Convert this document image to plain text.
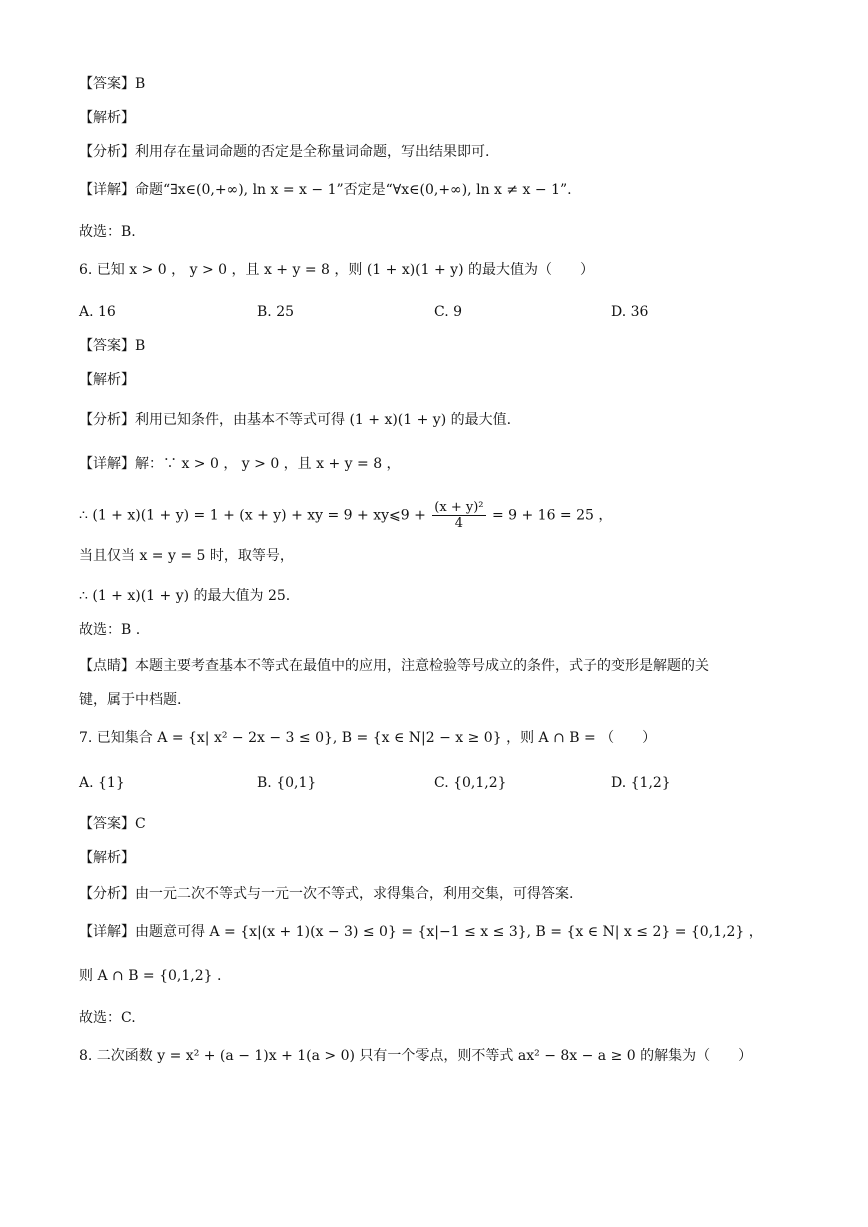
【答案】B
【解析】
【分析】利用存在量词命题的否定是全称量词命题，写出结果即可.
【详解】命题“∃x∈(0,+∞), ln x = x − 1”否定是“∀x∈(0,+∞), ln x ≠ x − 1”.
故选：B.
6. 已知 x > 0 ， y > 0 ，且 x + y = 8 ，则 (1 + x)(1 + y) 的最大值为（　　）
【答案】B
【解析】
【分析】利用已知条件，由基本不等式可得 (1 + x)(1 + y) 的最大值.
【详解】解：∵ x > 0 ， y > 0 ，且 x + y = 8 ，
当且仅当 x = y = 5 时，取等号，
∴ (1 + x)(1 + y) 的最大值为 25.
故选：B .
【点睛】本题主要考查基本不等式在最值中的应用，注意检验等号成立的条件，式子的变形是解题的关
键，属于中档题.
7. 已知集合 A = {x| x² − 2x − 3 ≤ 0}, B = {x ∈ N|2 − x ≥ 0} ，则 A ∩ B = （　　）
【答案】C
【解析】
【分析】由一元二次不等式与一元一次不等式，求得集合，利用交集，可得答案.
【详解】由题意可得 A = {x|(x + 1)(x − 3) ≤ 0} = {x|−1 ≤ x ≤ 3}, B = {x ∈ N| x ≤ 2} = {0,1,2} ，
则 A ∩ B = {0,1,2} .
故选：C.
8. 二次函数 y = x² + (a − 1)x + 1(a > 0) 只有一个零点，则不等式 ax² − 8x − a ≥ 0 的解集为（　　）
A. 16	B. 25	C. 9	D. 36
∴ (1 + x)(1 + y) = 1 + (x + y) + xy = 9 + xy⩽9 + $\frac{\text{(x + y)²}}{4} = 9 + 16 = 25$ ，
A. {1}	B. {0,1}	C. {0,1,2}	D. {1,2}
